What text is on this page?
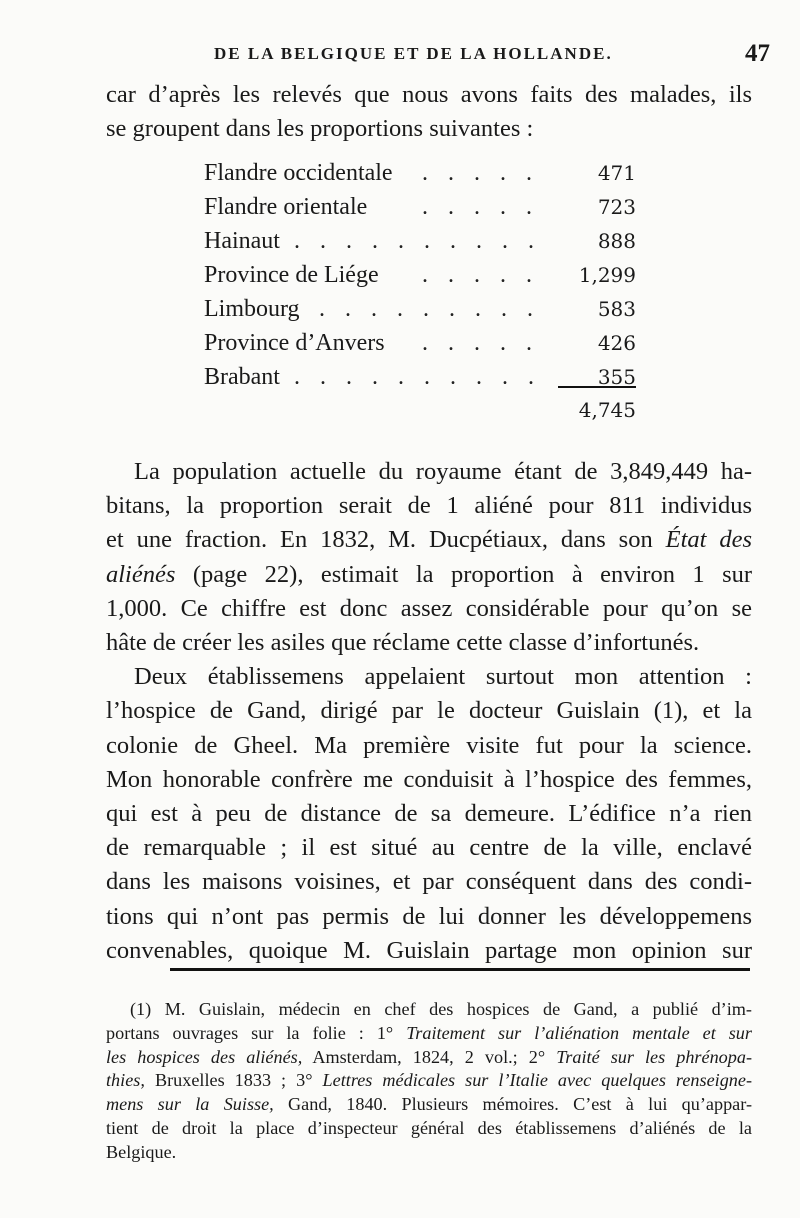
DE LA BELGIQUE ET DE LA HOLLANDE.	47
car d’après les relevés que nous avons faits des malades, ils
se groupent dans les proportions suivantes :
Flandre occidentale . . . . .	471
Flandre orientale . . . . .	723
Hainaut . . . . . . . . . .	888
Province de Liége . . . . . 1,299
Limbourg . . . . . . . . .	583
Province d’Anvers . . . . .	426
Brabant . . . . . . . . . .	355
4,745
La population actuelle du royaume étant de 3,849,449 ha-
bitans, la proportion serait de 1 aliéné pour 811 individus
et une fraction. En 1832, M. Ducpétiaux, dans son État des
aliénés (page 22), estimait la proportion à environ 1 sur
1,000. Ce chiffre est donc assez considérable pour qu’on se
hâte de créer les asiles que réclame cette classe d’infortunés.
Deux établissemens appelaient surtout mon attention :
l’hospice de Gand, dirigé par le docteur Guislain (1), et la
colonie de Gheel. Ma première visite fut pour la science.
Mon honorable confrère me conduisit à l’hospice des femmes,
qui est à peu de distance de sa demeure. L’édifice n’a rien
de remarquable ; il est situé au centre de la ville, enclavé
dans les maisons voisines, et par conséquent dans des condi-
tions qui n’ont pas permis de lui donner les développemens
convenables, quoique M. Guislain partage mon opinion sur
(1) M. Guislain, médecin en chef des hospices de Gand, a publié d’im-
portans ouvrages sur la folie : 1° Traitement sur l’aliénation mentale et sur
les hospices des aliénés, Amsterdam, 1824, 2 vol.; 2° Traité sur les phrénopa-
thies, Bruxelles 1833 ; 3° Lettres médicales sur l’Italie avec quelques renseigne-
mens sur la Suisse, Gand, 1840. Plusieurs mémoires. C’est à lui qu’appar-
tient de droit la place d’inspecteur général des établissemens d’aliénés de la
Belgique.
